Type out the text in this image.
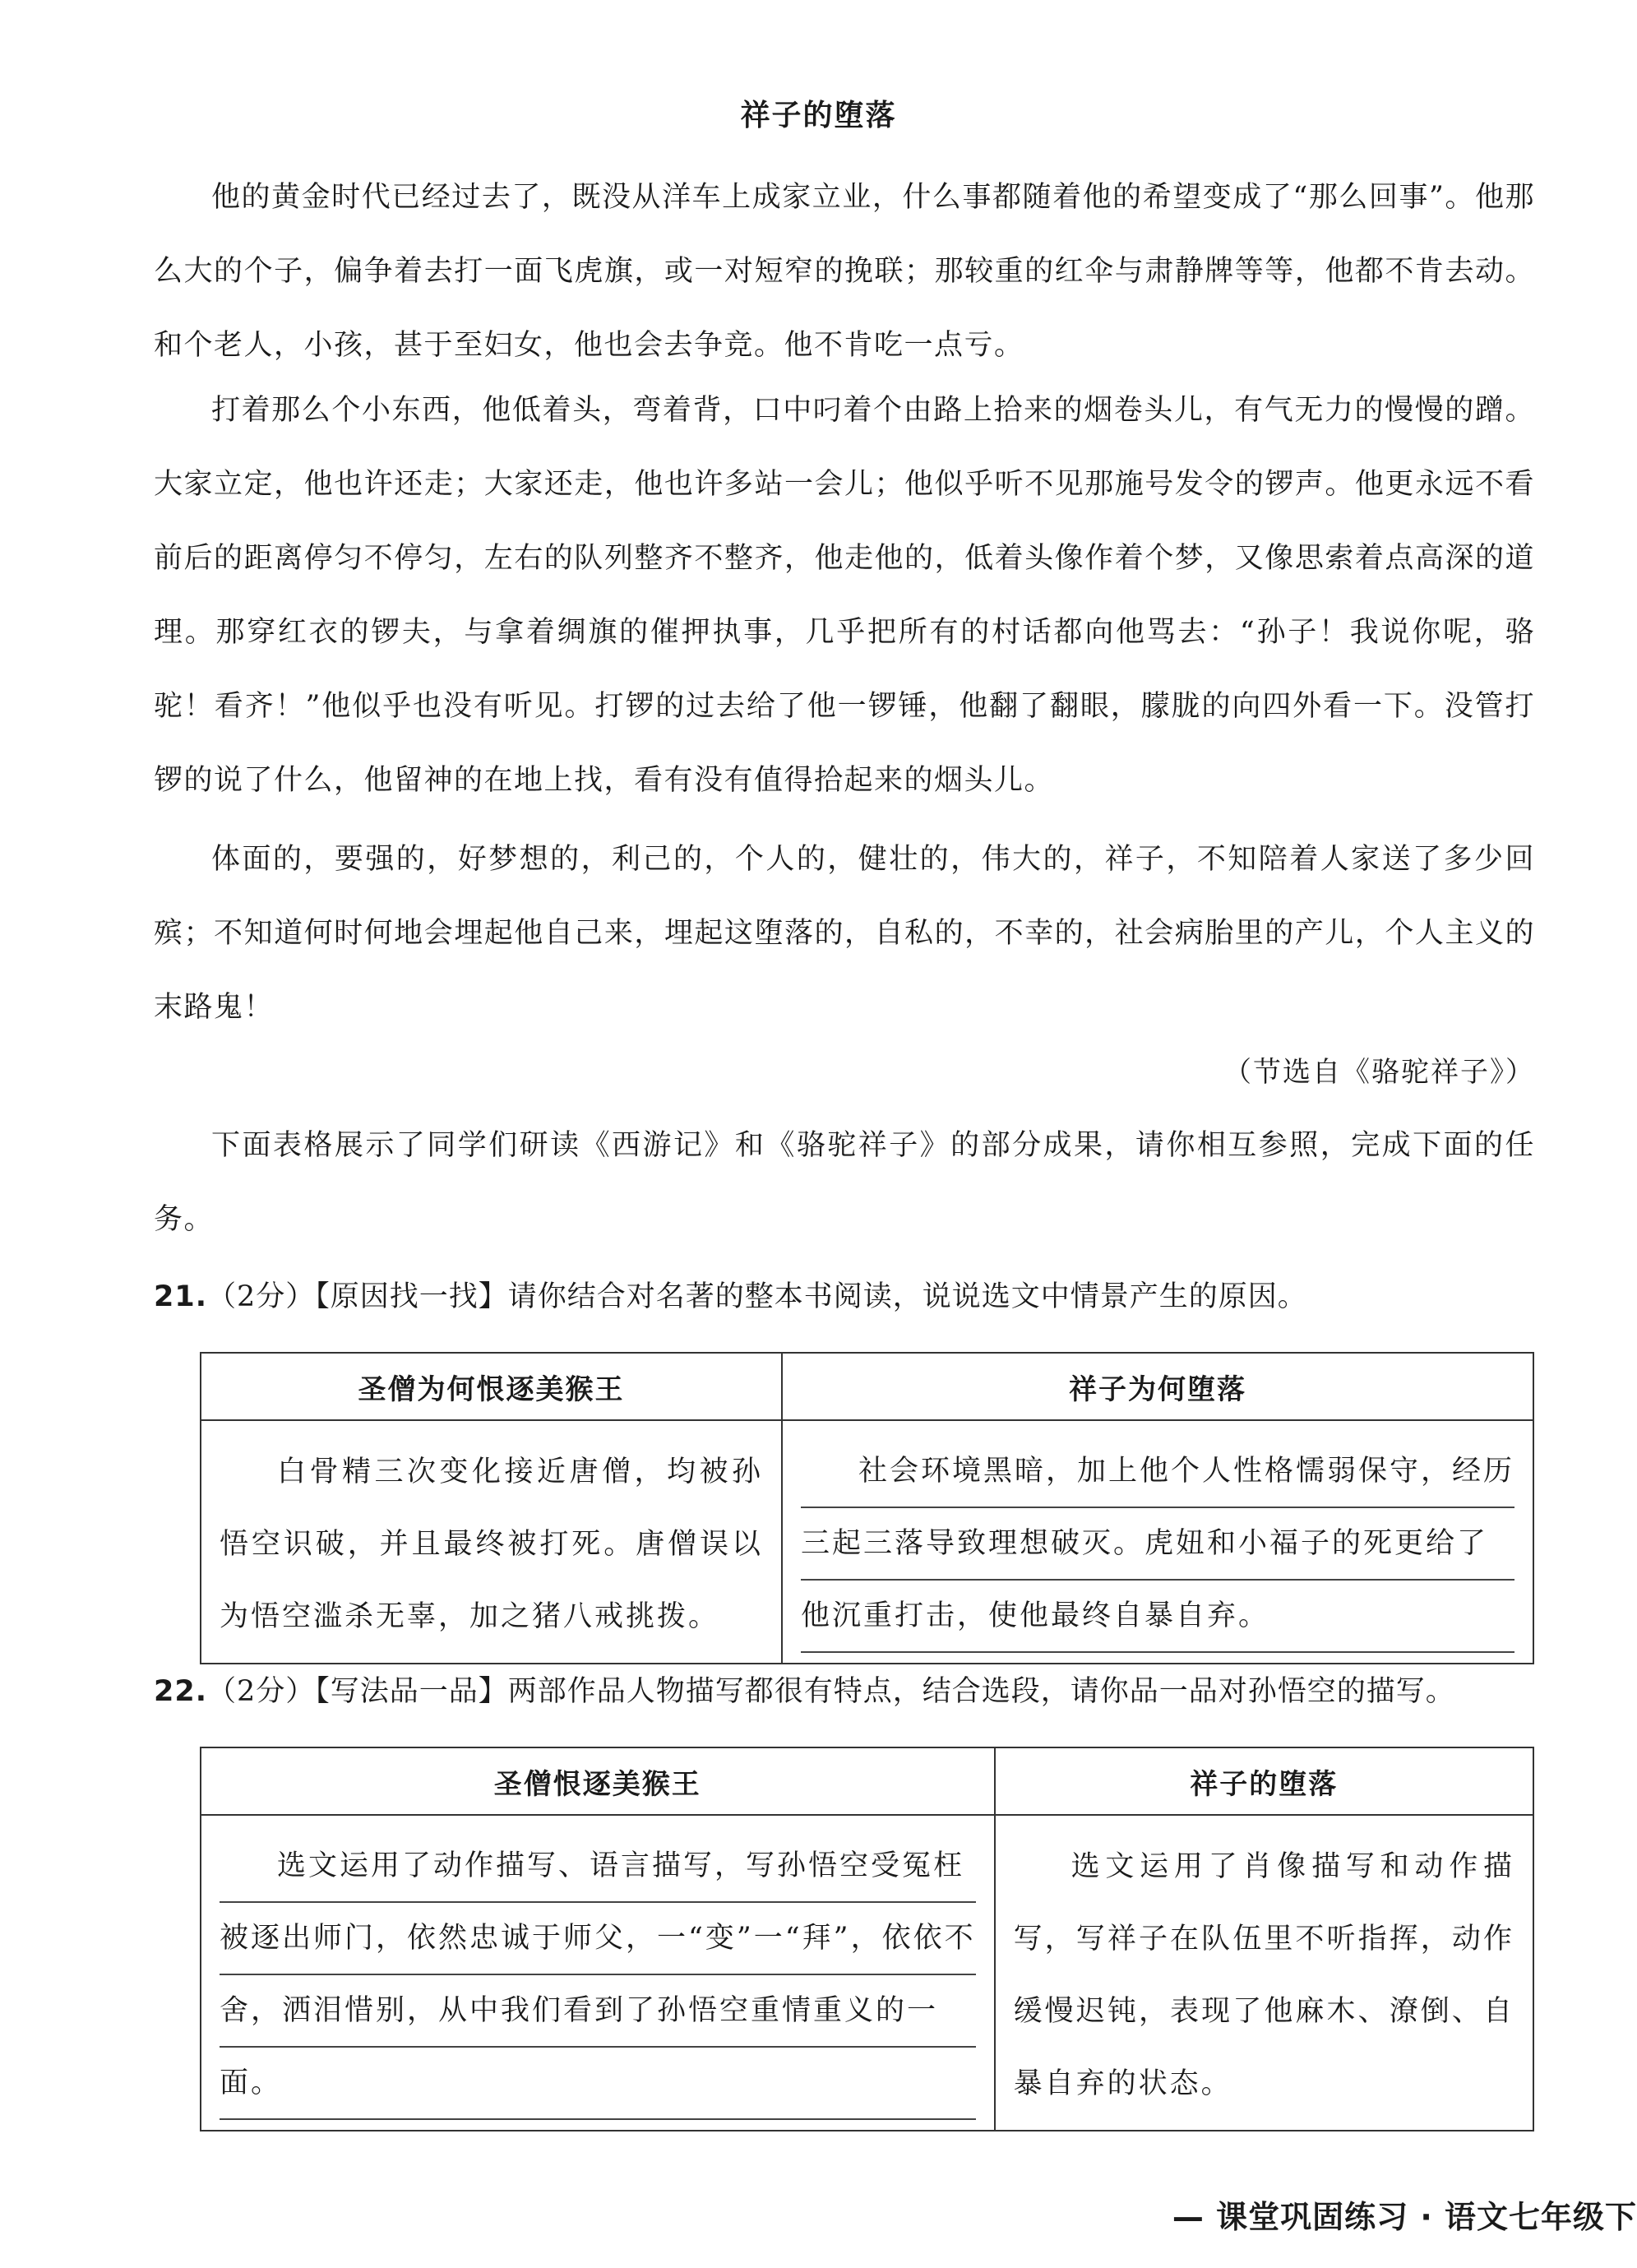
祥子的堕落
他的黄金时代已经过去了，既没从洋车上成家立业，什么事都随着他的希望变成了“那么回事”。他那么大的个子，偏争着去打一面飞虎旗，或一对短窄的挽联；那较重的红伞与肃静牌等等，他都不肯去动。和个老人，小孩，甚于至妇女，他也会去争竞。他不肯吃一点亏。
打着那么个小东西，他低着头，弯着背，口中叼着个由路上拾来的烟卷头儿，有气无力的慢慢的蹭。大家立定，他也许还走；大家还走，他也许多站一会儿；他似乎听不见那施号发令的锣声。他更永远不看前后的距离停匀不停匀，左右的队列整齐不整齐，他走他的，低着头像作着个梦，又像思索着点高深的道理。那穿红衣的锣夫，与拿着绸旗的催押执事，几乎把所有的村话都向他骂去：“孙子！我说你呢，骆驼！看齐！”他似乎也没有听见。打锣的过去给了他一锣锤，他翻了翻眼，朦胧的向四外看一下。没管打锣的说了什么，他留神的在地上找，看有没有值得拾起来的烟头儿。
体面的，要强的，好梦想的，利己的，个人的，健壮的，伟大的，祥子，不知陪着人家送了多少回殡；不知道何时何地会埋起他自己来，埋起这堕落的，自私的，不幸的，社会病胎里的产儿，个人主义的末路鬼！
（节选自《骆驼祥子》）
下面表格展示了同学们研读《西游记》和《骆驼祥子》的部分成果，请你相互参照，完成下面的任务。
21.（2分）【原因找一找】请你结合对名著的整本书阅读，说说选文中情景产生的原因。
圣僧为何恨逐美猴王	祥子为何堕落
白骨精三次变化接近唐僧，均被孙悟空识破，并且最终被打死。唐僧误以为悟空滥杀无辜，加之猪八戒挑拨。	社会环境黑暗，加上他个人性格懦弱保守，经历
三起三落导致理想破灭。虎妞和小福子的死更给了
他沉重打击，使他最终自暴自弃。
22.（2分）【写法品一品】两部作品人物描写都很有特点，结合选段，请你品一品对孙悟空的描写。
圣僧恨逐美猴王	祥子的堕落

选文运用了动作描写、语言描写，写孙悟空受冤枉
被逐出师门，依然忠诚于师父，一“变”一“拜”，依依不
舍，洒泪惜别，从中我们看到了孙悟空重情重义的一
面。	选文运用了肖像描写和动作描写，写祥子在队伍里不听指挥，动作缓慢迟钝，表现了他麻木、潦倒、自暴自弃的状态。
— 课堂巩固练习 · 语文七年级下
